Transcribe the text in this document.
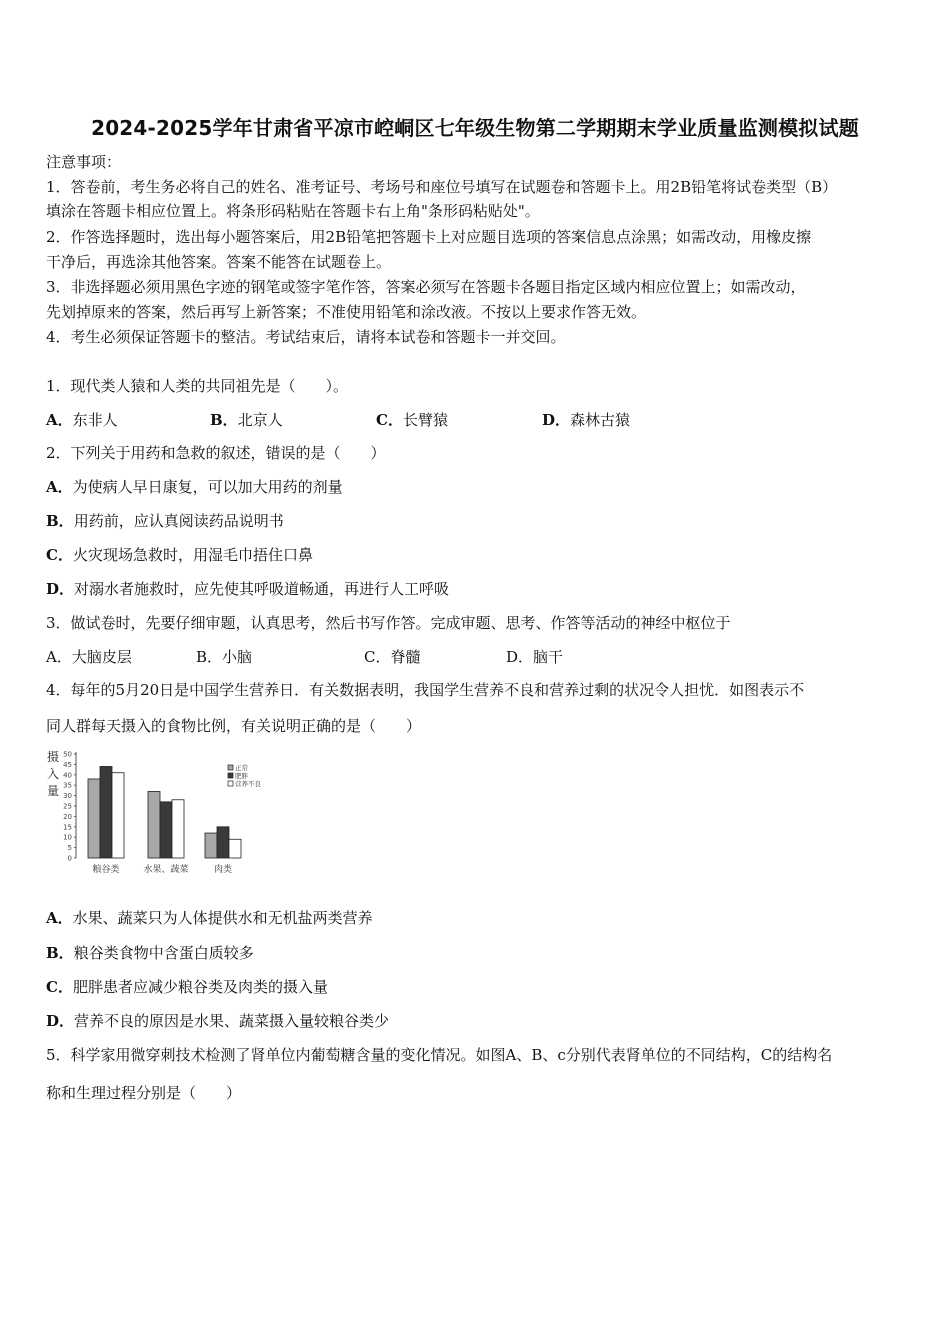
2024-2025学年甘肃省平凉市崆峒区七年级生物第二学期期末学业质量监测模拟试题
注意事项：
1．答卷前，考生务必将自己的姓名、准考证号、考场号和座位号填写在试题卷和答题卡上。用2B铅笔将试卷类型（B）
填涂在答题卡相应位置上。将条形码粘贴在答题卡右上角"条形码粘贴处"。
2．作答选择题时，选出每小题答案后，用2B铅笔把答题卡上对应题目选项的答案信息点涂黑；如需改动，用橡皮擦
干净后，再选涂其他答案。答案不能答在试题卷上。
3．非选择题必须用黑色字迹的钢笔或签字笔作答，答案必须写在答题卡各题目指定区域内相应位置上；如需改动，
先划掉原来的答案，然后再写上新答案；不准使用铅笔和涂改液。不按以上要求作答无效。
4．考生必须保证答题卡的整洁。考试结束后，请将本试卷和答题卡一并交回。
1．现代类人猿和人类的共同祖先是（　　）。
A．东非人	B．北京人	C．长臂猿	D．森林古猿
2．下列关于用药和急救的叙述，错误的是（　　）
A．为使病人早日康复，可以加大用药的剂量
B．用药前，应认真阅读药品说明书
C．火灾现场急救时，用湿毛巾捂住口鼻
D．对溺水者施救时，应先使其呼吸道畅通，再进行人工呼吸
3．做试卷时，先要仔细审题，认真思考，然后书写作答。完成审题、思考、作答等活动的神经中枢位于
A．大脑皮层	B．小脑	C．脊髓	D．脑干
4．每年的5月20日是中国学生营养日．有关数据表明，我国学生营养不良和营养过剩的状况令人担忧．如图表示不
同人群每天摄入的食物比例，有关说明正确的是（　　）
摄
入
量
0
5
10
15
20
25
30
35
40
45
50
粮谷类	水果、蔬菜	肉类
正常
肥胖
营养不良
A．水果、蔬菜只为人体提供水和无机盐两类营养
B．粮谷类食物中含蛋白质较多
C．肥胖患者应减少粮谷类及肉类的摄入量
D．营养不良的原因是水果、蔬菜摄入量较粮谷类少
5．科学家用微穿刺技术检测了肾单位内葡萄糖含量的变化情况。如图A、B、c分别代表肾单位的不同结构，C的结构名
称和生理过程分别是（　　）
